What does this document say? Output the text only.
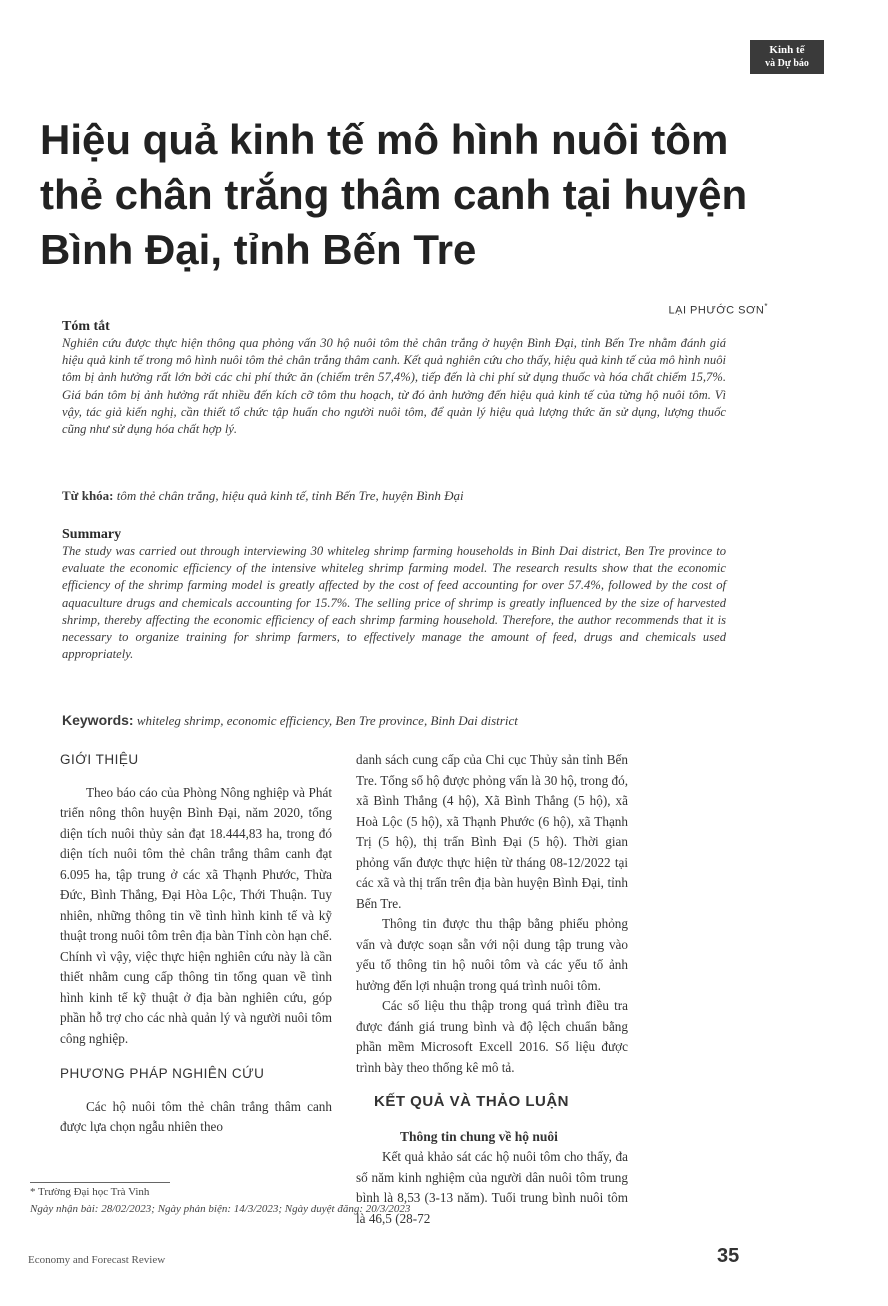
Kinh tế
và Dự báo
Hiệu quả kinh tế mô hình nuôi tôm thẻ chân trắng thâm canh tại huyện Bình Đại, tỉnh Bến Tre
LẠI PHƯỚC SƠN*

Tóm tắt

Nghiên cứu được thực hiện thông qua phỏng vấn 30 hộ nuôi tôm thẻ chân trắng ở huyện Bình Đại, tỉnh Bến Tre nhằm đánh giá hiệu quả kinh tế trong mô hình nuôi tôm thẻ chân trắng thâm canh. Kết quả nghiên cứu cho thấy, hiệu quả kinh tế của mô hình nuôi tôm bị ảnh hưởng rất lớn bởi các chi phí thức ăn (chiếm trên 57,4%), tiếp đến là chi phí sử dụng thuốc và hóa chất chiếm 15,7%. Giá bán tôm bị ảnh hưởng rất nhiều đến kích cỡ tôm thu hoạch, từ đó ảnh hưởng đến hiệu quả kinh tế của từng hộ nuôi tôm. Vì vậy, tác giả kiến nghị, cần thiết tổ chức tập huấn cho người nuôi tôm, để quản lý hiệu quả lượng thức ăn sử dụng, lượng thuốc cũng như sử dụng hóa chất hợp lý.

Từ khóa: tôm thẻ chân trắng, hiệu quả kinh tế, tỉnh Bến Tre, huyện Bình Đại

Summary

The study was carried out through interviewing 30 whiteleg shrimp farming households in Binh Dai district, Ben Tre province to evaluate the economic efficiency of the intensive whiteleg shrimp farming model. The research results show that the economic efficiency of the shrimp farming model is greatly affected by the cost of feed accounting for over 57.4%, followed by the cost of aquaculture drugs and chemicals accounting for 15.7%. The selling price of shrimp is greatly influenced by the size of harvested shrimp, thereby affecting the economic efficiency of each shrimp farming household. Therefore, the author recommends that it is necessary to organize training for shrimp farmers, to effectively manage the amount of feed, drugs and chemicals used appropriately.

Keywords: whiteleg shrimp, economic efficiency, Ben Tre province, Binh Dai district
GIỚI THIỆU

Theo báo cáo của Phòng Nông nghiệp và Phát triển nông thôn huyện Bình Đại, năm 2020, tổng diện tích nuôi thủy sản đạt 18.444,83 ha, trong đó diện tích nuôi tôm thẻ chân trắng thâm canh đạt 6.095 ha, tập trung ở các xã Thạnh Phước, Thừa Đức, Bình Thắng, Đại Hòa Lộc, Thới Thuận. Tuy nhiên, những thông tin về tình hình kinh tế và kỹ thuật trong nuôi tôm trên địa bàn Tỉnh còn hạn chế. Chính vì vậy, việc thực hiện nghiên cứu này là cần thiết nhằm cung cấp thông tin tổng quan về tình hình kinh tế kỹ thuật ở địa bàn nghiên cứu, góp phần hỗ trợ cho các nhà quản lý và người nuôi tôm công nghiệp.

PHƯƠNG PHÁP NGHIÊN CỨU

Các hộ nuôi tôm thẻ chân trắng thâm canh được lựa chọn ngẫu nhiên theo

danh sách cung cấp của Chi cục Thủy sản tỉnh Bến Tre. Tổng số hộ được phỏng vấn là 30 hộ, trong đó, xã Bình Thắng (4 hộ), Xã Bình Thắng (5 hộ), xã Hoà Lộc (5 hộ), xã Thạnh Phước (6 hộ), xã Thạnh Trị (5 hộ), thị trấn Bình Đại (5 hộ). Thời gian phỏng vấn được thực hiện từ tháng 08-12/2022 tại các xã và thị trấn trên địa bàn huyện Bình Đại, tỉnh Bến Tre.

Thông tin được thu thập bằng phiếu phỏng vấn và được soạn sẵn với nội dung tập trung vào yếu tố thông tin hộ nuôi tôm và các yếu tố ảnh hưởng đến lợi nhuận trong quá trình nuôi tôm.

Các số liệu thu thập trong quá trình điều tra được đánh giá trung bình và độ lệch chuẩn bằng phần mềm Microsoft Excell 2016. Số liệu được trình bày theo thống kê mô tả.

KẾT QUẢ VÀ THẢO LUẬN

Thông tin chung về hộ nuôi

Kết quả khảo sát các hộ nuôi tôm cho thấy, đa số năm kinh nghiệm của người dân nuôi tôm trung bình là 8,53 (3-13 năm). Tuổi trung bình nuôi tôm là 46,5 (28-72

* Trường Đại học Trà Vinh
Ngày nhận bài: 28/02/2023; Ngày phản biện: 14/3/2023; Ngày duyệt đăng: 20/3/2023
Economy and Forecast Review	35
